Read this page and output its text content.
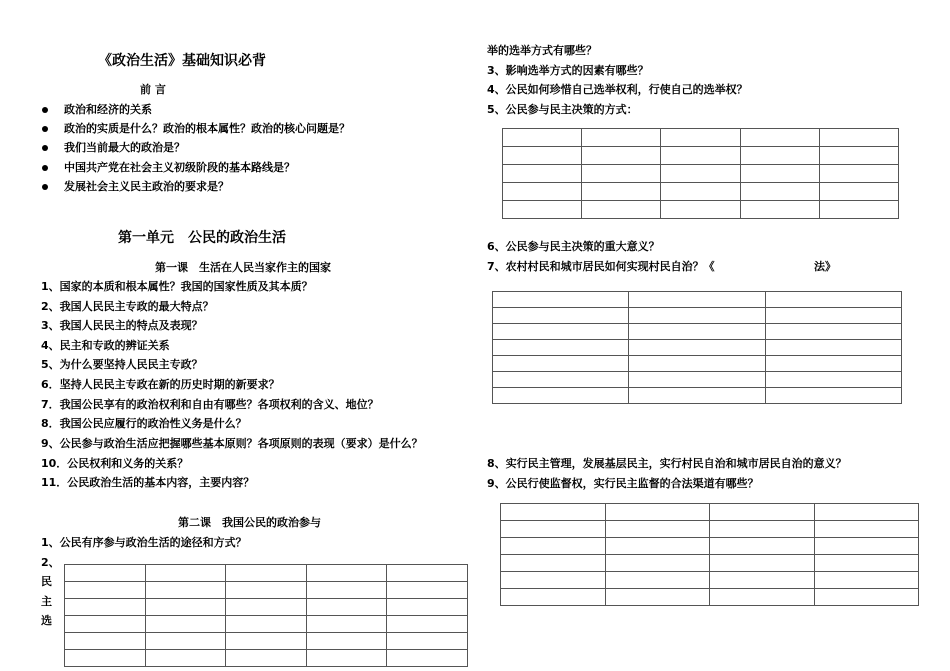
《政治生活》基础知识必背
前 言
政治和经济的关系
政治的实质是什么？政治的根本属性？政治的核心问题是？
我们当前最大的政治是？
中国共产党在社会主义初级阶段的基本路线是？
发展社会主义民主政治的要求是？
第一单元　公民的政治生活
第一课　生活在人民当家作主的国家
1、国家的本质和根本属性？我国的国家性质及其本质？
2、我国人民民主专政的最大特点？
3、我国人民民主的特点及表现？
4、民主和专政的辨证关系
5、为什么要坚持人民民主专政？
6．坚持人民民主专政在新的历史时期的新要求？
7．我国公民享有的政治权利和自由有哪些？各项权利的含义、地位？
8．我国公民应履行的政治性义务是什么？
9、公民参与政治生活应把握哪些基本原则？各项原则的表现（要求）是什么？
10．公民权利和义务的关系？
11．公民政治生活的基本内容，主要内容？
第二课　我国公民的政治参与
1、公民有序参与政治生活的途径和方式？
2、
民
主
选

举的选举方式有哪些？
3、影响选举方式的因素有哪些？
4、公民如何珍惜自己选举权利，行使自己的选举权？
5、公民参与民主决策的方式：

6、公民参与民主决策的重大意义？
7、农村村民和城市居民如何实现村民自治？《	法》

8、实行民主管理，发展基层民主，实行村民自治和城市居民自治的意义？
9、公民行使监督权，实行民主监督的合法渠道有哪些？
